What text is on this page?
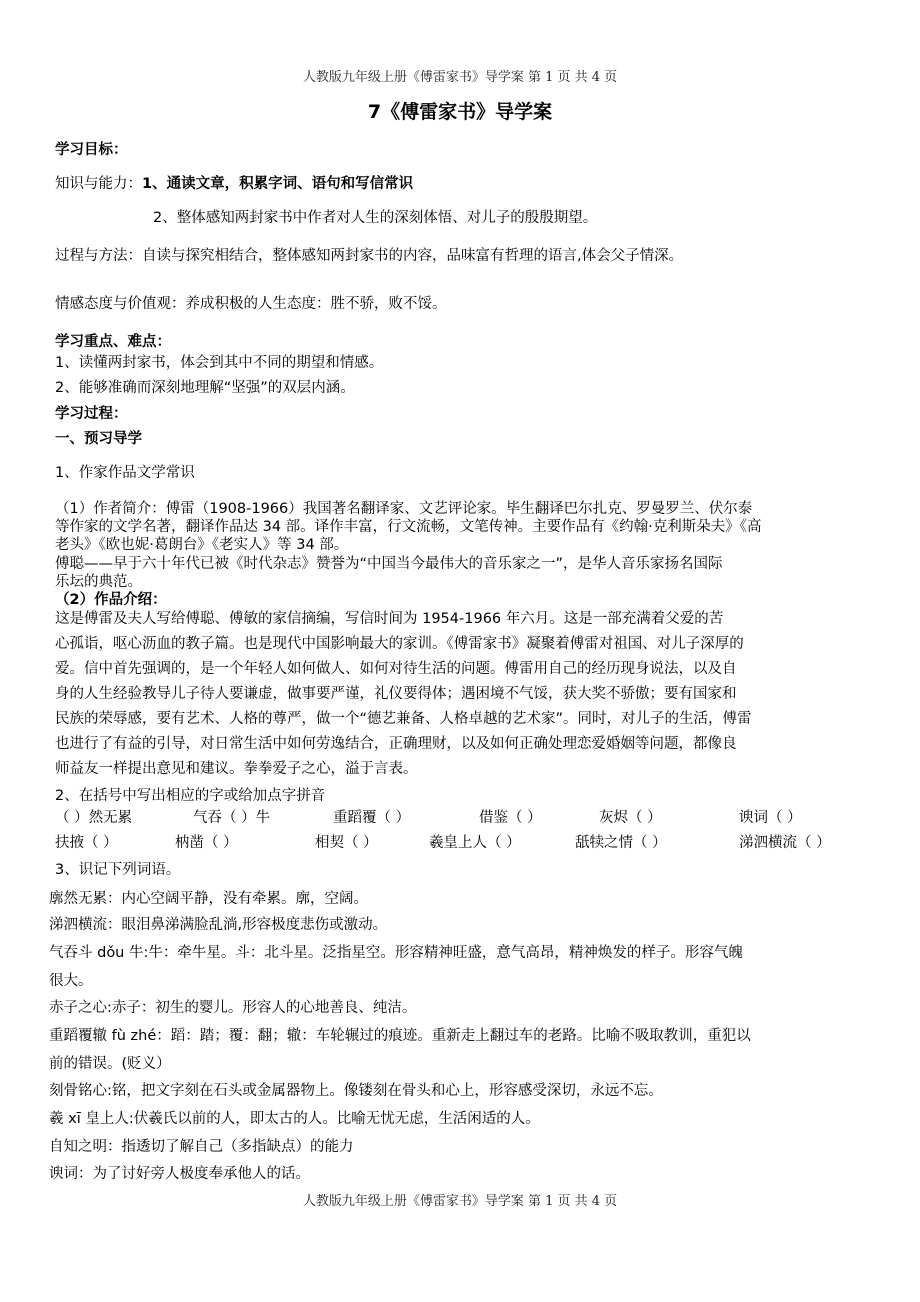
人教版九年级上册《傅雷家书》导学案 第 1 页 共 4 页
7《傅雷家书》导学案
学习目标：
知识与能力：1、通读文章，积累字词、语句和写信常识
2、整体感知两封家书中作者对人生的深刻体悟、对儿子的殷殷期望。
过程与方法：自读与探究相结合，整体感知两封家书的内容，品味富有哲理的语言,体会父子情深。
情感态度与价值观：养成积极的人生态度：胜不骄，败不馁。
学习重点、难点：
1、读懂两封家书，体会到其中不同的期望和情感。
2、能够准确而深刻地理解“坚强”的双层内涵。
学习过程：
一、预习导学
1、作家作品文学常识
（1）作者简介：傅雷（1908-1966）我国著名翻译家、文艺评论家。毕生翻译巴尔扎克、罗曼罗兰、伏尔泰
等作家的文学名著，翻译作品达 34 部。译作丰富，行文流畅，文笔传神。主要作品有《约翰·克利斯朵夫》《高
老头》《欧也妮·葛朗台》《老实人》等 34 部。
傅聪——早于六十年代已被《时代杂志》赞誉为“中国当今最伟大的音乐家之一”，是华人音乐家扬名国际
乐坛的典范。
（2）作品介绍：
这是傅雷及夫人写给傅聪、傅敏的家信摘编，写信时间为 1954-1966 年六月。这是一部充满着父爱的苦
心孤诣，呕心沥血的教子篇。也是现代中国影响最大的家训。《傅雷家书》凝聚着傅雷对祖国、对儿子深厚的
爱。信中首先强调的，是一个年轻人如何做人、如何对待生活的问题。傅雷用自己的经历现身说法，以及自
身的人生经验教导儿子待人要谦虚，做事要严谨，礼仪要得体；遇困境不气馁，获大奖不骄傲；要有国家和
民族的荣辱感，要有艺术、人格的尊严，做一个“德艺兼备、人格卓越的艺术家”。同时，对儿子的生活，傅雷
也进行了有益的引导，对日常生活中如何劳逸结合，正确理财，以及如何正确处理恋爱婚姻等问题，都像良
师益友一样提出意见和建议。拳拳爱子之心，溢于言表。
2、在括号中写出相应的字或给加点字拼音
（ ）然无累	气吞（ ）牛	重蹈覆（ ）	借鉴（ ）	灰烬（ ）	谀词（ ）
扶掖（ ）	枘凿（ ）	相契（ ）	羲皇上人（ ）	舐犊之情（ ）	涕泗横流（ ）
3、识记下列词语。
廓然无累：内心空阔平静，没有牵累。廓，空阔。
涕泗横流：眼泪鼻涕满脸乱淌,形容极度悲伤或激动。
气吞斗 dǒu 牛:牛：牵牛星。斗：北斗星。泛指星空。形容精神旺盛，意气高昂，精神焕发的样子。形容气魄
很大。
赤子之心:赤子：初生的婴儿。形容人的心地善良、纯洁。
重蹈覆辙 fù zhé：蹈：踏；覆：翻；辙：车轮辗过的痕迹。重新走上翻过车的老路。比喻不吸取教训，重犯以
前的错误。(贬义）
刻骨铭心:铭，把文字刻在石头或金属器物上。像镂刻在骨头和心上，形容感受深切，永远不忘。
羲 xī 皇上人:伏羲氏以前的人，即太古的人。比喻无忧无虑，生活闲适的人。
自知之明：指透切了解自己（多指缺点）的能力
谀词：为了讨好旁人极度奉承他人的话。
人教版九年级上册《傅雷家书》导学案 第 1 页 共 4 页
